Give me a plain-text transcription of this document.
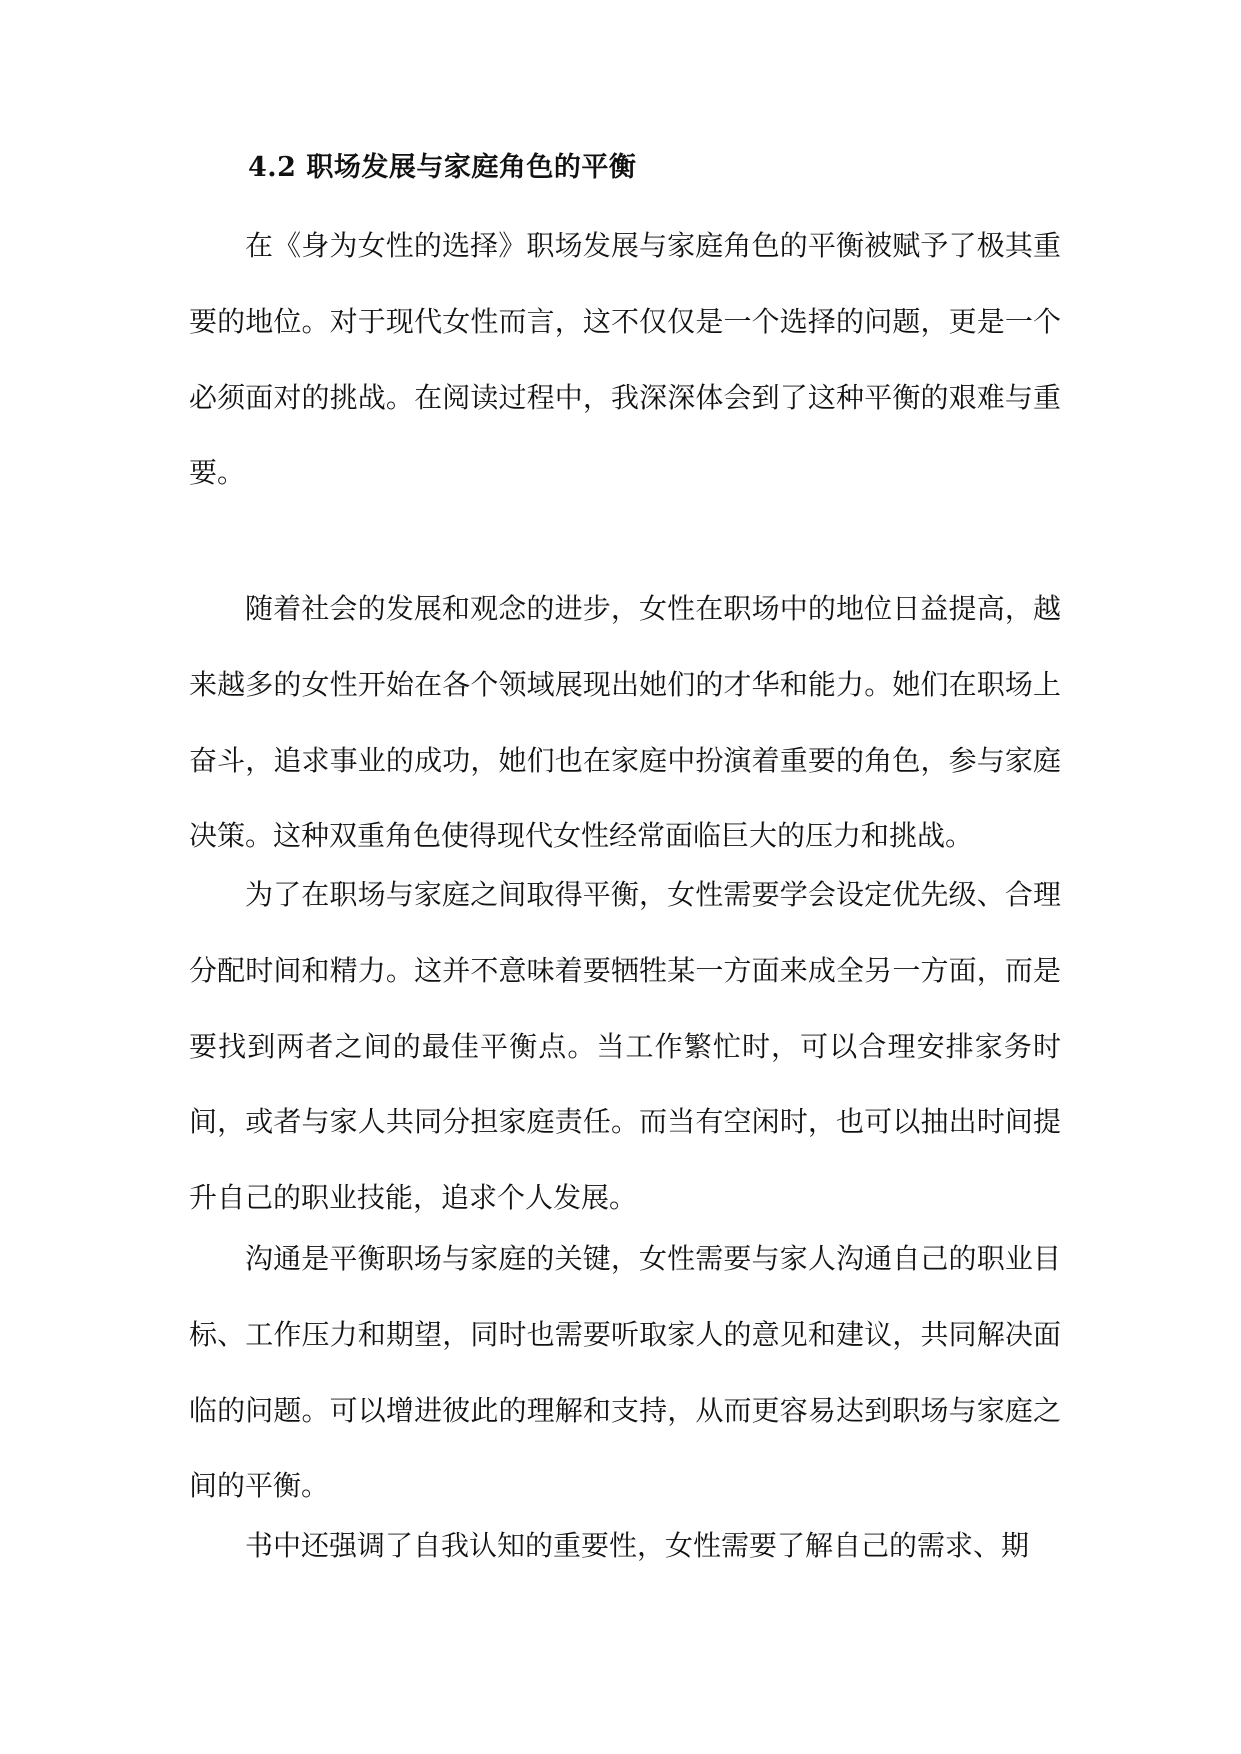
4.2 职场发展与家庭角色的平衡

在《身为女性的选择》职场发展与家庭角色的平衡被赋予了极其重要的地位。对于现代女性而言，这不仅仅是一个选择的问题，更是一个必须面对的挑战。在阅读过程中，我深深体会到了这种平衡的艰难与重要。

随着社会的发展和观念的进步，女性在职场中的地位日益提高，越来越多的女性开始在各个领域展现出她们的才华和能力。她们在职场上奋斗，追求事业的成功，她们也在家庭中扮演着重要的角色，参与家庭决策。这种双重角色使得现代女性经常面临巨大的压力和挑战。

为了在职场与家庭之间取得平衡，女性需要学会设定优先级、合理分配时间和精力。这并不意味着要牺牲某一方面来成全另一方面，而是要找到两者之间的最佳平衡点。当工作繁忙时，可以合理安排家务时间，或者与家人共同分担家庭责任。而当有空闲时，也可以抽出时间提升自己的职业技能，追求个人发展。

沟通是平衡职场与家庭的关键，女性需要与家人沟通自己的职业目标、工作压力和期望，同时也需要听取家人的意见和建议，共同解决面临的问题。可以增进彼此的理解和支持，从而更容易达到职场与家庭之间的平衡。

书中还强调了自我认知的重要性，女性需要了解自己的需求、期
